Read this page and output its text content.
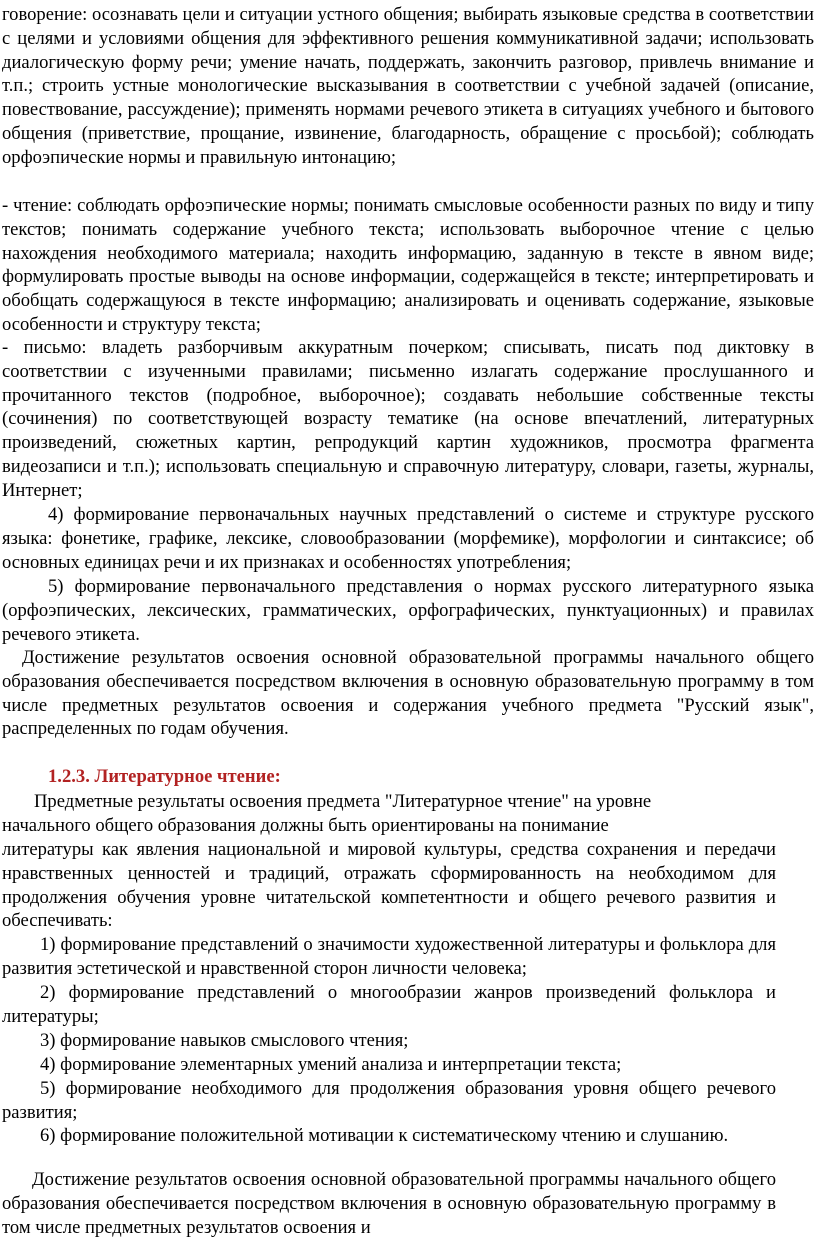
говорение: осознавать цели и ситуации устного общения; выбирать языковые средства в соответствии с целями и условиями общения для эффективного решения коммуникативной задачи; использовать диалогическую форму речи; умение начать, поддержать, закончить разговор, привлечь внимание и т.п.; строить устные монологические высказывания в соответствии с учебной задачей (описание, повествование, рассуждение); применять нормами речевого этикета в ситуациях учебного и бытового общения (приветствие, прощание, извинение, благодарность, обращение с просьбой); соблюдать орфоэпические нормы и правильную интонацию;

- чтение: соблюдать орфоэпические нормы; понимать смысловые особенности разных по виду и типу текстов; понимать содержание учебного текста; использовать выборочное чтение с целью нахождения необходимого материала; находить информацию, заданную в тексте в явном виде; формулировать простые выводы на основе информации, содержащейся в тексте; интерпретировать и обобщать содержащуюся в тексте информацию; анализировать и оценивать содержание, языковые особенности и структуру текста;

- письмо: владеть разборчивым аккуратным почерком; списывать, писать под диктовку в соответствии с изученными правилами; письменно излагать содержание прослушанного и прочитанного текстов (подробное, выборочное); создавать небольшие собственные тексты (сочинения) по соответствующей возрасту тематике (на основе впечатлений, литературных произведений, сюжетных картин, репродукций картин художников, просмотра фрагмента видеозаписи и т.п.); использовать специальную и справочную литературу, словари, газеты, журналы, Интернет;

4) формирование первоначальных научных представлений о системе и структуре русского языка: фонетике, графике, лексике, словообразовании (морфемике), морфологии и синтаксисе; об основных единицах речи и их признаках и особенностях употребления;

5) формирование первоначального представления о нормах русского литературного языка (орфоэпических, лексических, грамматических, орфографических, пунктуационных) и правилах речевого этикета.

Достижение результатов освоения основной образовательной программы начального общего образования обеспечивается посредством включения в основную образовательную программу в том числе предметных результатов освоения и содержания учебного предмета "Русский язык", распределенных по годам обучения.

1.2.3. Литературное чтение:

Предметные результаты освоения предмета "Литературное чтение" на уровне

начального общего образования должны быть ориентированы на понимание

литературы как явления национальной и мировой культуры, средства сохранения и передачи нравственных ценностей и традиций, отражать сформированность на необходимом для продолжения обучения уровне читательской компетентности и общего речевого развития и обеспечивать:

1) формирование представлений о значимости художественной литературы и фольклора для развития эстетической и нравственной сторон личности человека;

2) формирование представлений о многообразии жанров произведений фольклора и литературы;

3) формирование навыков смыслового чтения;

4) формирование элементарных умений анализа и интерпретации текста;

5) формирование необходимого для продолжения образования уровня общего речевого развития;

6) формирование положительной мотивации к систематическому чтению и слушанию.

Достижение результатов освоения основной образовательной программы начального общего образования обеспечивается посредством включения в основную образовательную программу в том числе предметных результатов освоения и
